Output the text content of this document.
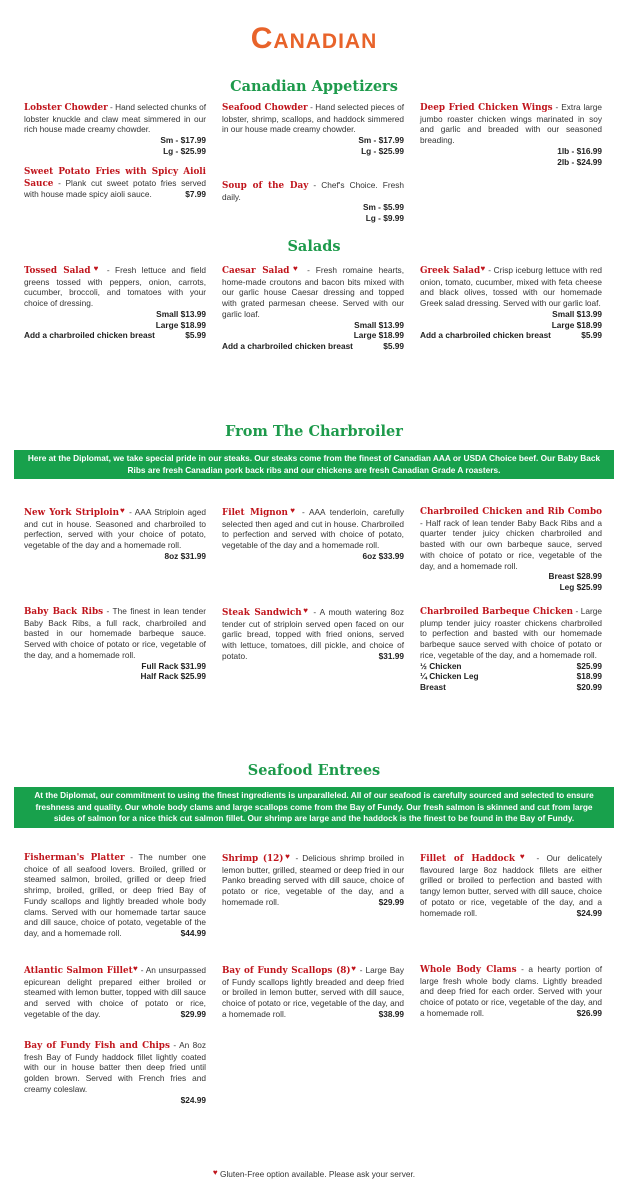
Canadian
Canadian Appetizers
Lobster Chowder - Hand selected chunks of lobster knuckle and claw meat simmered in our rich house made creamy chowder.
Sm - $17.99
Lg - $25.99
Seafood Chowder - Hand selected pieces of lobster, shrimp, scallops, and haddock simmered in our house made creamy chowder.
Sm - $17.99
Lg - $25.99
Deep Fried Chicken Wings - Extra large jumbo roaster chicken wings marinated in soy and garlic and breaded with our seasoned breading.
1lb - $16.99
2lb - $24.99
Sweet Potato Fries with Spicy Aioli Sauce - Plank cut sweet potato fries served with house made spicy aioli sauce.	$7.99
Soup of the Day - Chef's Choice. Fresh daily.
Sm - $5.99
Lg - $9.99
Salads
Tossed Salad♥ - Fresh lettuce and field greens tossed with peppers, onion, carrots, cucumber, broccoli, and tomatoes with your choice of dressing.
Small $13.99
Large $18.99
Add a charbroiled chicken breast	$5.99
Caesar Salad♥ - Fresh romaine hearts, home-made croutons and bacon bits mixed with our garlic house Caesar dressing and topped with grated parmesan cheese. Served with our garlic loaf.
Small $13.99
Large $18.99
Add a charbroiled chicken breast	$5.99
Greek Salad♥ - Crisp iceburg lettuce with red onion, tomato, cucumber, mixed with feta cheese and black olives, tossed with our homemade Greek salad dressing. Served with our garlic loaf.
Small $13.99
Large $18.99
Add a charbroiled chicken breast	$5.99
From The Charbroiler
Here at the Diplomat, we take special pride in our steaks. Our steaks come from the finest of Canadian AAA or USDA Choice beef. Our Baby Back Ribs are fresh Canadian pork back ribs and our chickens are fresh Canadian Grade A roasters.
New York Striploin♥ - AAA Striploin aged and cut in house. Seasoned and charbroiled to perfection, served with your choice of potato, vegetable of the day and a homemade roll.
8oz $31.99
Filet Mignon♥ - AAA tenderloin, carefully selected then aged and cut in house. Charbroiled to perfection and served with choice of potato, vegetable of the day and a homemade roll.
6oz $33.99
Charbroiled Chicken and Rib Combo - Half rack of lean tender Baby Back Ribs and a quarter tender juicy chicken charbroiled and basted with our own barbeque sauce, served with choice of potato or rice, vegetable of the day, and a homemade roll.
Breast $28.99
Leg $25.99
Baby Back Ribs - The finest in lean tender Baby Back Ribs, a full rack, charbroiled and basted in our homemade barbeque sauce. Served with choice of potato or rice, vegetable of the day, and a homemade roll.
Full Rack $31.99
Half Rack $25.99
Steak Sandwich♥ - A mouth watering 8oz tender cut of striploin served open faced on our garlic bread, topped with fried onions, served with lettuce, tomatoes, dill pickle, and choice of potato.	$31.99
Charbroiled Barbeque Chicken - Large plump tender juicy roaster chickens charbroiled to perfection and basted with our homemade barbeque sauce served with choice of potato or rice, vegetable of the day, and a homemade roll.
½ Chicken	$25.99
¼ Chicken Leg	$18.99
Breast	$20.99
Seafood Entrees
At the Diplomat, our commitment to using the finest ingredients is unparalleled. All of our seafood is carefully sourced and selected to ensure freshness and quality. Our whole body clams and large scallops come from the Bay of Fundy. Our fresh salmon is skinned and cut from large sides of salmon for a nice thick cut salmon fillet. Our shrimp are large and the haddock is the finest to be found in the Bay of Fundy.
Fisherman's Platter - The number one choice of all seafood lovers. Broiled, grilled or steamed salmon, broiled, grilled or deep fried shrimp, broiled, grilled, or deep fried Bay of Fundy scallops and lightly breaded whole body clams. Served with our homemade tartar sauce and dill sauce, choice of potato, vegetable of the day, and a homemade roll.	$44.99
Shrimp (12)♥ - Delicious shrimp broiled in lemon butter, grilled, steamed or deep fried in our Panko breading served with dill sauce, choice of potato or rice, vegetable of the day, and a homemade roll.	$29.99
Fillet of Haddock♥ - Our delicately flavoured large 8oz haddock fillets are either grilled or broiled to perfection and basted with tangy lemon butter, served with dill sauce, choice of potato or rice, vegetable of the day, and a homemade roll.	$24.99
Atlantic Salmon Fillet♥ - An unsurpassed epicurean delight prepared either broiled or steamed with lemon butter, topped with dill sauce and served with choice of potato or rice, vegetable of the day.	$29.99
Bay of Fundy Scallops (8)♥ - Large Bay of Fundy scallops lightly breaded and deep fried or broiled in lemon butter, served with dill sauce, choice of potato or rice, vegetable of the day, and a homemade roll.	$38.99
Whole Body Clams - a hearty portion of large fresh whole body clams. Lightly breaded and deep fried for each order. Served with your choice of potato or rice, vegetable of the day, and a homemade roll.	$26.99
Bay of Fundy Fish and Chips - An 8oz fresh Bay of Fundy haddock fillet lightly coated with our in house batter then deep fried until golden brown. Served with French fries and creamy coleslaw.
$24.99
♥ Gluten-Free option available. Please ask your server.
